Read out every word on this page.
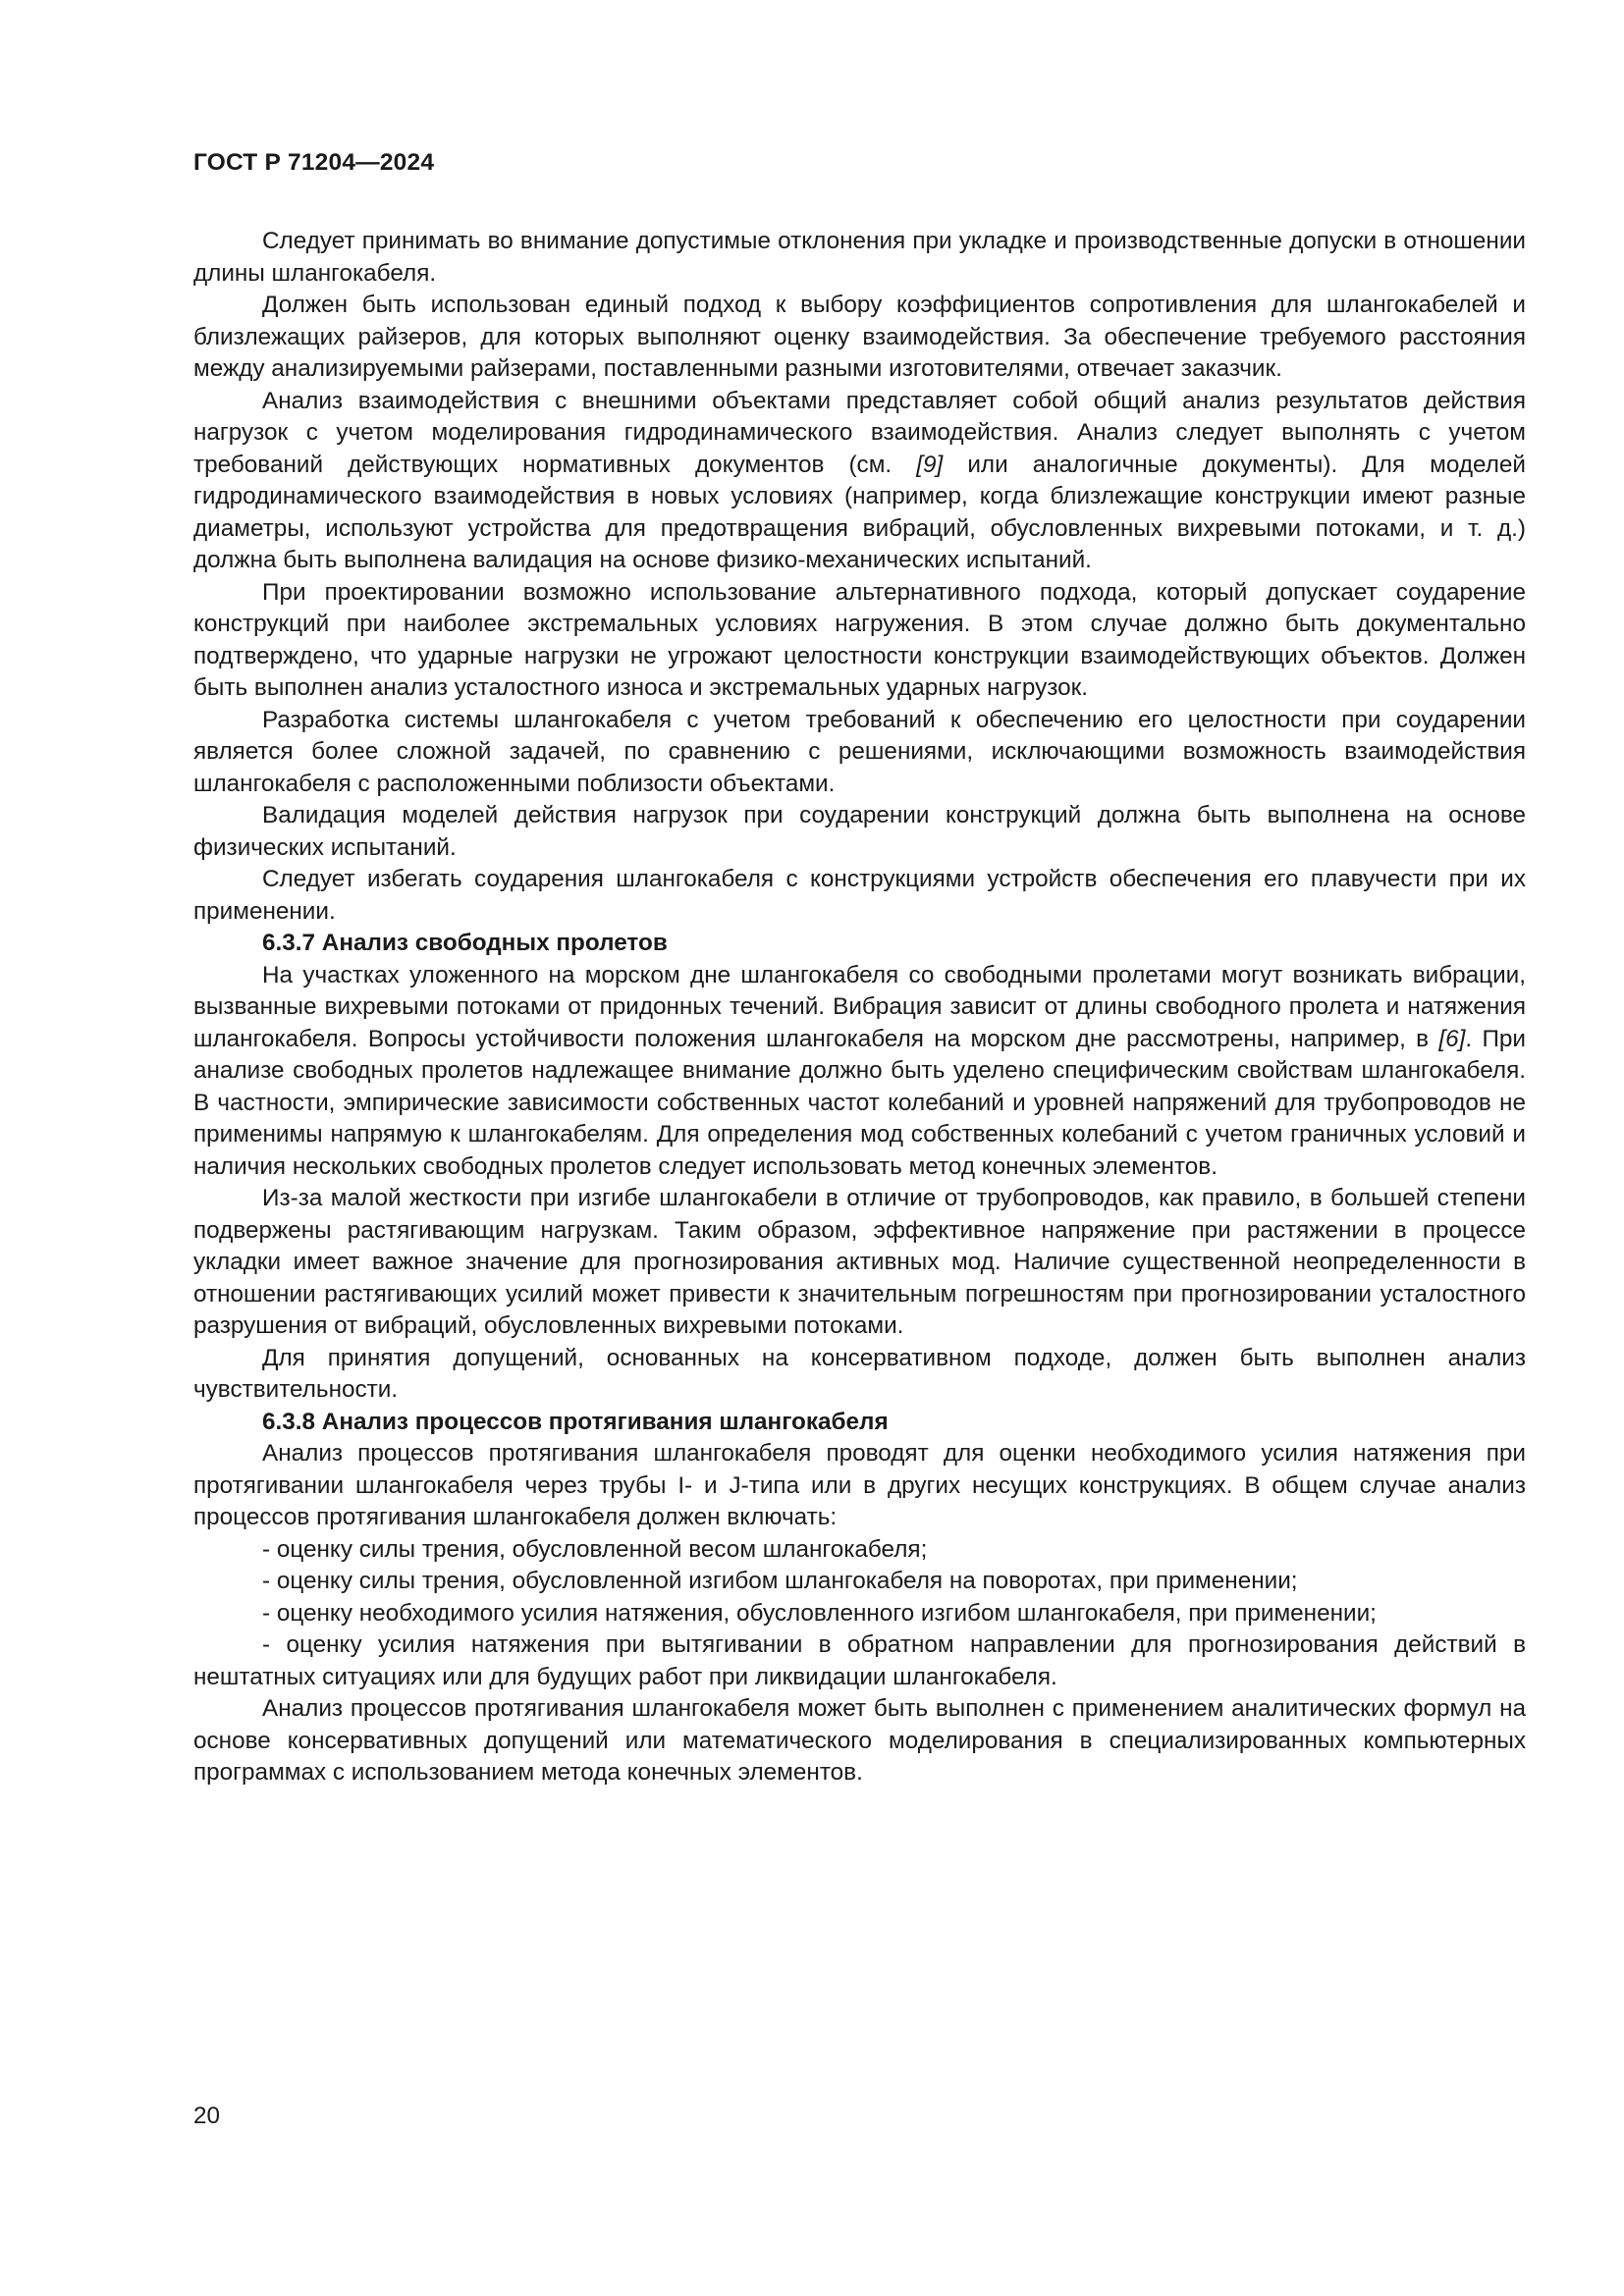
ГОСТ Р 71204—2024

Следует принимать во внимание допустимые отклонения при укладке и производственные допуски в отношении длины шлангокабеля.

Должен быть использован единый подход к выбору коэффициентов сопротивления для шлангокабелей и близлежащих райзеров, для которых выполняют оценку взаимодействия. За обеспечение требуемого расстояния между анализируемыми райзерами, поставленными разными изготовителями, отвечает заказчик.

Анализ взаимодействия с внешними объектами представляет собой общий анализ результатов действия нагрузок с учетом моделирования гидродинамического взаимодействия. Анализ следует выполнять с учетом требований действующих нормативных документов (см. [9] или аналогичные документы). Для моделей гидродинамического взаимодействия в новых условиях (например, когда близлежащие конструкции имеют разные диаметры, используют устройства для предотвращения вибраций, обусловленных вихревыми потоками, и т. д.) должна быть выполнена валидация на основе физико-механических испытаний.

При проектировании возможно использование альтернативного подхода, который допускает соударение конструкций при наиболее экстремальных условиях нагружения. В этом случае должно быть документально подтверждено, что ударные нагрузки не угрожают целостности конструкции взаимодействующих объектов. Должен быть выполнен анализ усталостного износа и экстремальных ударных нагрузок.

Разработка системы шлангокабеля с учетом требований к обеспечению его целостности при соударении является более сложной задачей, по сравнению с решениями, исключающими возможность взаимодействия шлангокабеля с расположенными поблизости объектами.

Валидация моделей действия нагрузок при соударении конструкций должна быть выполнена на основе физических испытаний.

Следует избегать соударения шлангокабеля с конструкциями устройств обеспечения его плавучести при их применении.

6.3.7 Анализ свободных пролетов

На участках уложенного на морском дне шлангокабеля со свободными пролетами могут возникать вибрации, вызванные вихревыми потоками от придонных течений. Вибрация зависит от длины свободного пролета и натяжения шлангокабеля. Вопросы устойчивости положения шлангокабеля на морском дне рассмотрены, например, в [6]. При анализе свободных пролетов надлежащее внимание должно быть уделено специфическим свойствам шлангокабеля. В частности, эмпирические зависимости собственных частот колебаний и уровней напряжений для трубопроводов не применимы напрямую к шлангокабелям. Для определения мод собственных колебаний с учетом граничных условий и наличия нескольких свободных пролетов следует использовать метод конечных элементов.

Из-за малой жесткости при изгибе шлангокабели в отличие от трубопроводов, как правило, в большей степени подвержены растягивающим нагрузкам. Таким образом, эффективное напряжение при растяжении в процессе укладки имеет важное значение для прогнозирования активных мод. Наличие существенной неопределенности в отношении растягивающих усилий может привести к значительным погрешностям при прогнозировании усталостного разрушения от вибраций, обусловленных вихревыми потоками.

Для принятия допущений, основанных на консервативном подходе, должен быть выполнен анализ чувствительности.

6.3.8 Анализ процессов протягивания шлангокабеля

Анализ процессов протягивания шлангокабеля проводят для оценки необходимого усилия натяжения при протягивании шлангокабеля через трубы I- и J-типа или в других несущих конструкциях. В общем случае анализ процессов протягивания шлангокабеля должен включать:

- оценку силы трения, обусловленной весом шлангокабеля;

- оценку силы трения, обусловленной изгибом шлангокабеля на поворотах, при применении;

- оценку необходимого усилия натяжения, обусловленного изгибом шлангокабеля, при применении;

- оценку усилия натяжения при вытягивании в обратном направлении для прогнозирования действий в нештатных ситуациях или для будущих работ при ликвидации шлангокабеля.

Анализ процессов протягивания шлангокабеля может быть выполнен с применением аналитических формул на основе консервативных допущений или математического моделирования в специализированных компьютерных программах с использованием метода конечных элементов.

20
